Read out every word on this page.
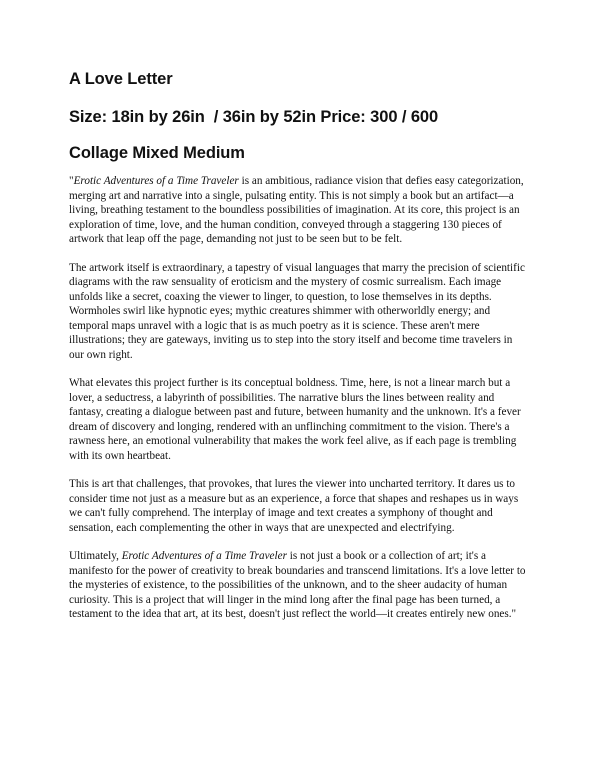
A Love Letter
Size: 18in by 26in  / 36in by 52in Price: 300 / 600
Collage Mixed Medium

"Erotic Adventures of a Time Traveler is an ambitious, radiance vision that defies easy categorization, merging art and narrative into a single, pulsating entity. This is not simply a book but an artifact—a living, breathing testament to the boundless possibilities of imagination. At its core, this project is an exploration of time, love, and the human condition, conveyed through a staggering 130 pieces of artwork that leap off the page, demanding not just to be seen but to be felt.

The artwork itself is extraordinary, a tapestry of visual languages that marry the precision of scientific diagrams with the raw sensuality of eroticism and the mystery of cosmic surrealism. Each image unfolds like a secret, coaxing the viewer to linger, to question, to lose themselves in its depths. Wormholes swirl like hypnotic eyes; mythic creatures shimmer with otherworldly energy; and temporal maps unravel with a logic that is as much poetry as it is science. These aren't mere illustrations; they are gateways, inviting us to step into the story itself and become time travelers in our own right.

What elevates this project further is its conceptual boldness. Time, here, is not a linear march but a lover, a seductress, a labyrinth of possibilities. The narrative blurs the lines between reality and fantasy, creating a dialogue between past and future, between humanity and the unknown. It's a fever dream of discovery and longing, rendered with an unflinching commitment to the vision. There's a rawness here, an emotional vulnerability that makes the work feel alive, as if each page is trembling with its own heartbeat.

This is art that challenges, that provokes, that lures the viewer into uncharted territory. It dares us to consider time not just as a measure but as an experience, a force that shapes and reshapes us in ways we can't fully comprehend. The interplay of image and text creates a symphony of thought and sensation, each complementing the other in ways that are unexpected and electrifying.

Ultimately, Erotic Adventures of a Time Traveler is not just a book or a collection of art; it's a manifesto for the power of creativity to break boundaries and transcend limitations. It's a love letter to the mysteries of existence, to the possibilities of the unknown, and to the sheer audacity of human curiosity. This is a project that will linger in the mind long after the final page has been turned, a testament to the idea that art, at its best, doesn't just reflect the world—it creates entirely new ones."
